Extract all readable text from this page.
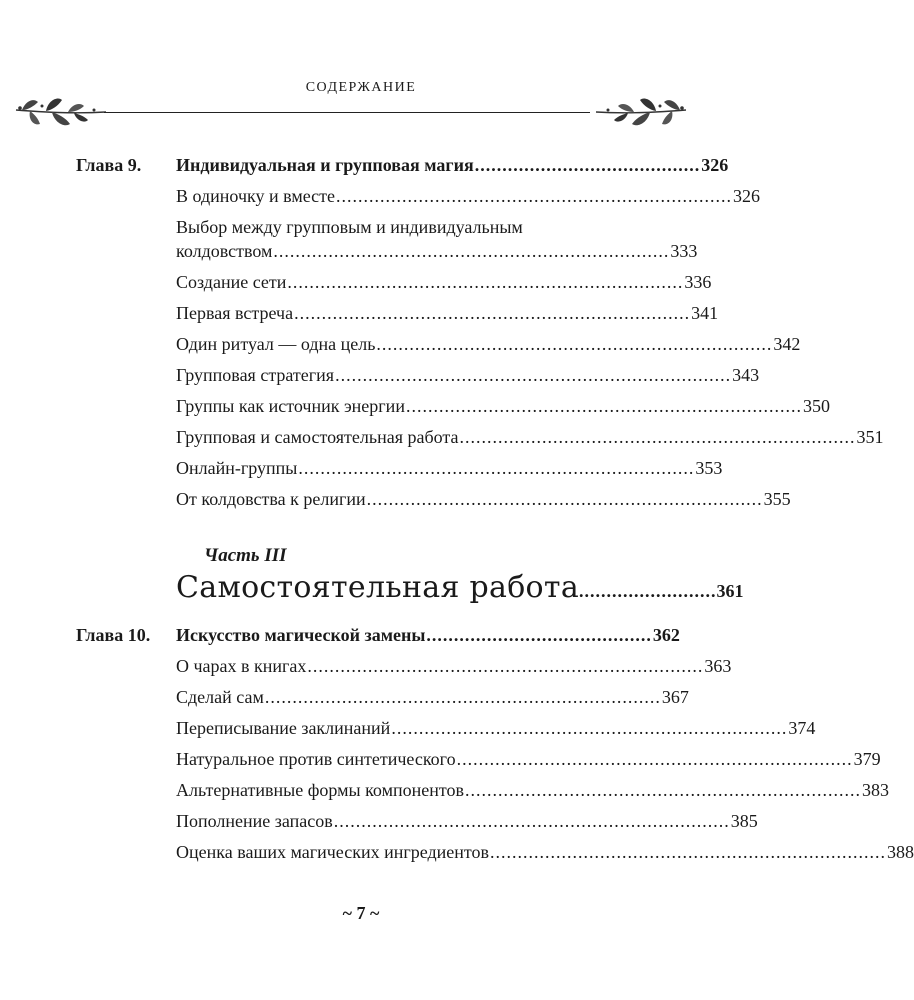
СОДЕРЖАНИЕ
Глава 9. Индивидуальная и групповая магия ......................................... 326
В одиночку и вместе ........................................................................ 326
Выбор между групповым и индивидуальным
колдовством ........................................................................ 333
Создание сети ........................................................................ 336
Первая встреча ........................................................................ 341
Один ритуал — одна цель ........................................................................ 342
Групповая стратегия ........................................................................ 343
Группы как источник энергии ........................................................................ 350
Групповая и самостоятельная работа ........................................................................ 351
Онлайн-группы ........................................................................ 353
От колдовства к религии ........................................................................ 355
Часть III
Самостоятельная работа ......................... 361
Глава 10. Искусство магической замены ......................................... 362
О чарах в книгах ........................................................................ 363
Сделай сам ........................................................................ 367
Переписывание заклинаний ........................................................................ 374
Натуральное против синтетического ........................................................................ 379
Альтернативные формы компонентов ........................................................................ 383
Пополнение запасов ........................................................................ 385
Оценка ваших магических ингредиентов ........................................................................ 388
~ 7 ~
